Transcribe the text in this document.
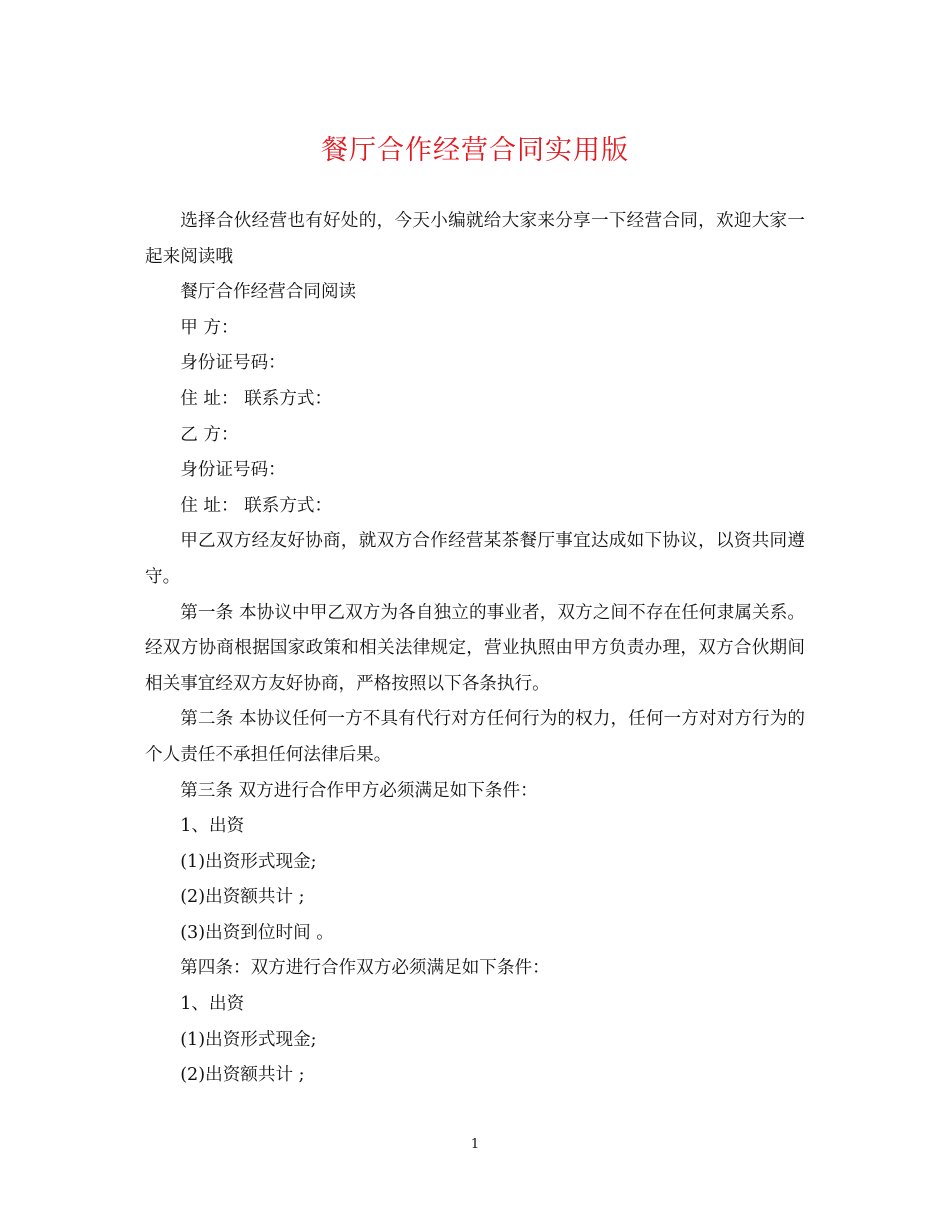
餐厅合作经营合同实用版

选择合伙经营也有好处的，今天小编就给大家来分享一下经营合同，欢迎大家一起来阅读哦

餐厅合作经营合同阅读

甲 方：

身份证号码：

住 址： 联系方式：

乙 方：

身份证号码：

住 址： 联系方式：

甲乙双方经友好协商，就双方合作经营某茶餐厅事宜达成如下协议，以资共同遵守。

第一条 本协议中甲乙双方为各自独立的事业者，双方之间不存在任何隶属关系。经双方协商根据国家政策和相关法律规定，营业执照由甲方负责办理，双方合伙期间相关事宜经双方友好协商，严格按照以下各条执行。

第二条 本协议任何一方不具有代行对方任何行为的权力，任何一方对对方行为的个人责任不承担任何法律后果。

第三条 双方进行合作甲方必须满足如下条件：

1、出资

(1)出资形式现金;

(2)出资额共计 ;

(3)出资到位时间 。

第四条：双方进行合作双方必须满足如下条件：

1、出资

(1)出资形式现金;

(2)出资额共计 ;

1
